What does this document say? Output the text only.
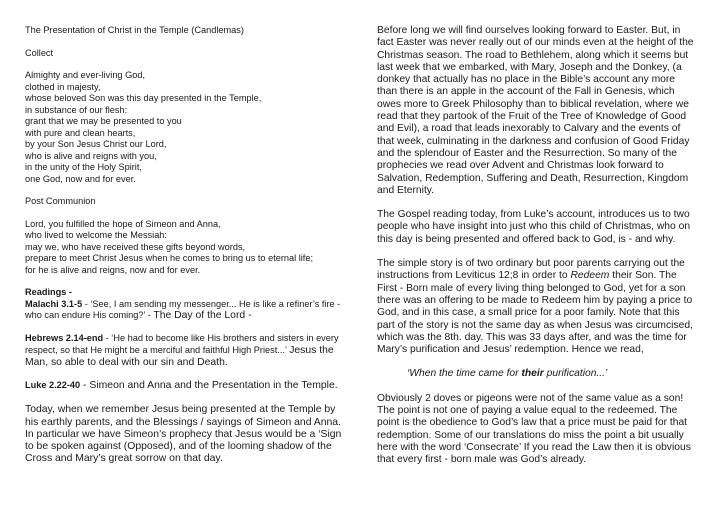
The Presentation of Christ in the Temple (Candlemas)

Collect

Almighty and ever-living God,
clothed in majesty,
whose beloved Son was this day presented in the Temple,
in substance of our flesh:
grant that we may be presented to you
with pure and clean hearts,
by your Son Jesus Christ our Lord,
who is alive and reigns with you,
in the unity of the Holy Spirit,
one God, now and for ever.

Post Communion

Lord, you fulfilled the hope of Simeon and Anna,
who lived to welcome the Messiah:
may we, who have received these gifts beyond words,
prepare to meet Christ Jesus when he comes to bring us to eternal life;
for he is alive and reigns, now and for ever.

Readings -
Malachi 3.1-5 - ‘See, I am sending my messenger... He is like a refiner’s fire - who can endure His coming?’ - The Day of the Lord -

Hebrews 2.14-end - ‘He had to become like His brothers and sisters in every respect, so that He might be a merciful and faithful High Priest...’ Jesus the Man, so able to deal with our sin and Death.

Luke 2.22-40 - Simeon and Anna and the Presentation in the Temple.

Today, when we remember Jesus being presented at the Temple by his earthly parents, and the Blessings / sayings of Simeon and Anna. In particular we have Simeon’s prophecy that Jesus would be a ‘Sign to be spoken against (Opposed), and of the looming shadow of the Cross and Mary’s great sorrow on that day.

Before long we will find ourselves looking forward to Easter. But, in fact Easter was never really out of our minds even at the height of the Christmas season. The road to Bethlehem, along which it seems but last week that we embarked, with Mary, Joseph and the Donkey, (a donkey that actually has no place in the Bible’s account any more than there is an apple in the account of the Fall in Genesis, which owes more to Greek Philosophy than to biblical revelation, where we read that they partook of the Fruit of the Tree of Knowledge of Good and Evil), a road that leads inexorably to Calvary and the events of that week, culminating in the darkness and confusion of Good Friday and the splendour of Easter and the Resurrection. So many of the prophecies we read over Advent and Christmas look forward to Salvation, Redemption, Suffering and Death, Resurrection, Kingdom and Eternity.

The Gospel reading today, from Luke’s account, introduces us to two people who have insight into just who this child of Christmas, who on this day is being presented and offered back to God, is - and why.

The simple story is of two ordinary but poor parents carrying out the instructions from Leviticus 12;8 in order to Redeem their Son. The First - Born male of every living thing belonged to God, yet for a son there was an offering to be made to Redeem him by paying a price to God, and in this case, a small price for a poor family. Note that this part of the story is not the same day as when Jesus was circumcised, which was the 8th. day. This was 33 days after, and was the time for Mary’s purification and Jesus’ redemption. Hence we read,

‘When the time came for their purification...’

Obviously 2 doves or pigeons were not of the same value as a son! The point is not one of paying a value equal to the redeemed. The point is the obedience to God’s law that a price must be paid for that redemption. Some of our translations do miss the point a bit usually here with the word ‘Consecrate’ If you read the Law then it is obvious that every first - born male was God’s already.
